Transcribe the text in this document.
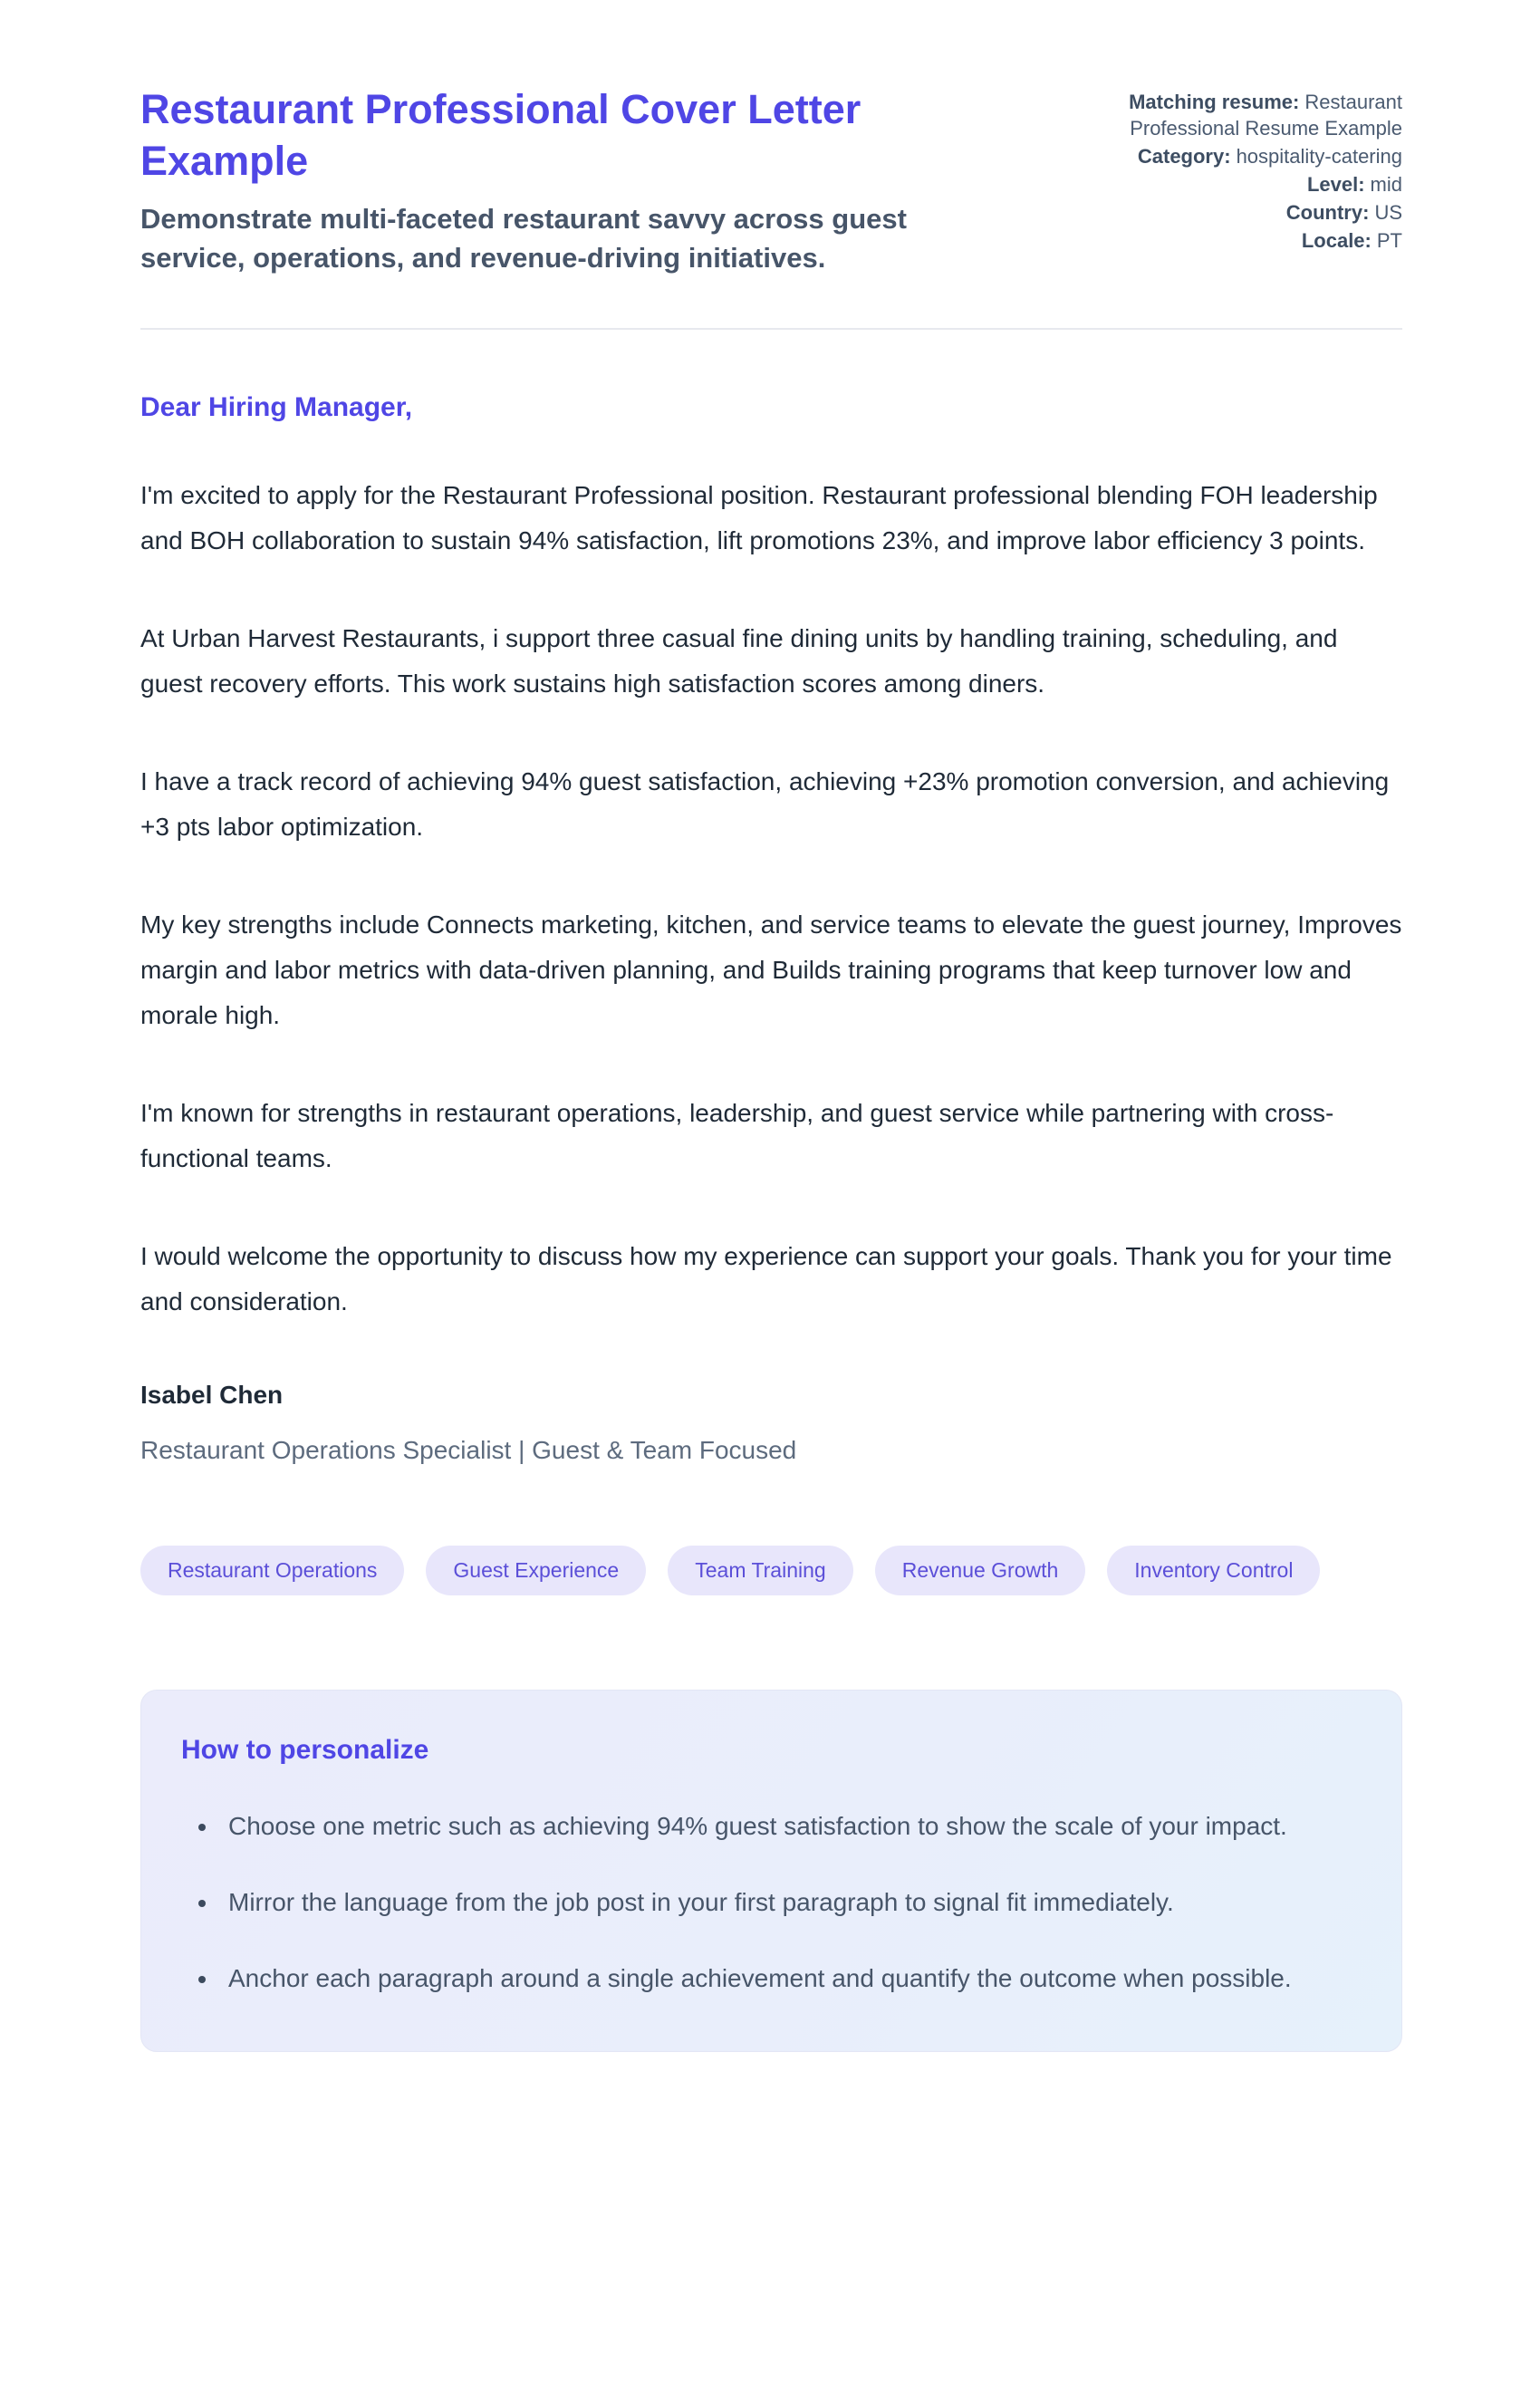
Restaurant Professional Cover Letter Example
Demonstrate multi-faceted restaurant savvy across guest service, operations, and revenue-driving initiatives.
Matching resume: Restaurant Professional Resume Example
Category: hospitality-catering
Level: mid
Country: US
Locale: PT
Dear Hiring Manager,

I'm excited to apply for the Restaurant Professional position. Restaurant professional blending FOH leadership and BOH collaboration to sustain 94% satisfaction, lift promotions 23%, and improve labor efficiency 3 points.

At Urban Harvest Restaurants, i support three casual fine dining units by handling training, scheduling, and guest recovery efforts. This work sustains high satisfaction scores among diners.

I have a track record of achieving 94% guest satisfaction, achieving +23% promotion conversion, and achieving +3 pts labor optimization.

My key strengths include Connects marketing, kitchen, and service teams to elevate the guest journey, Improves margin and labor metrics with data-driven planning, and Builds training programs that keep turnover low and morale high.

I'm known for strengths in restaurant operations, leadership, and guest service while partnering with cross-functional teams.

I would welcome the opportunity to discuss how my experience can support your goals. Thank you for your time and consideration.

Isabel Chen
Restaurant Operations Specialist | Guest & Team Focused
Restaurant Operations	Guest Experience	Team Training	Revenue Growth	Inventory Control
How to personalize
• Choose one metric such as achieving 94% guest satisfaction to show the scale of your impact.
• Mirror the language from the job post in your first paragraph to signal fit immediately.
• Anchor each paragraph around a single achievement and quantify the outcome when possible.
